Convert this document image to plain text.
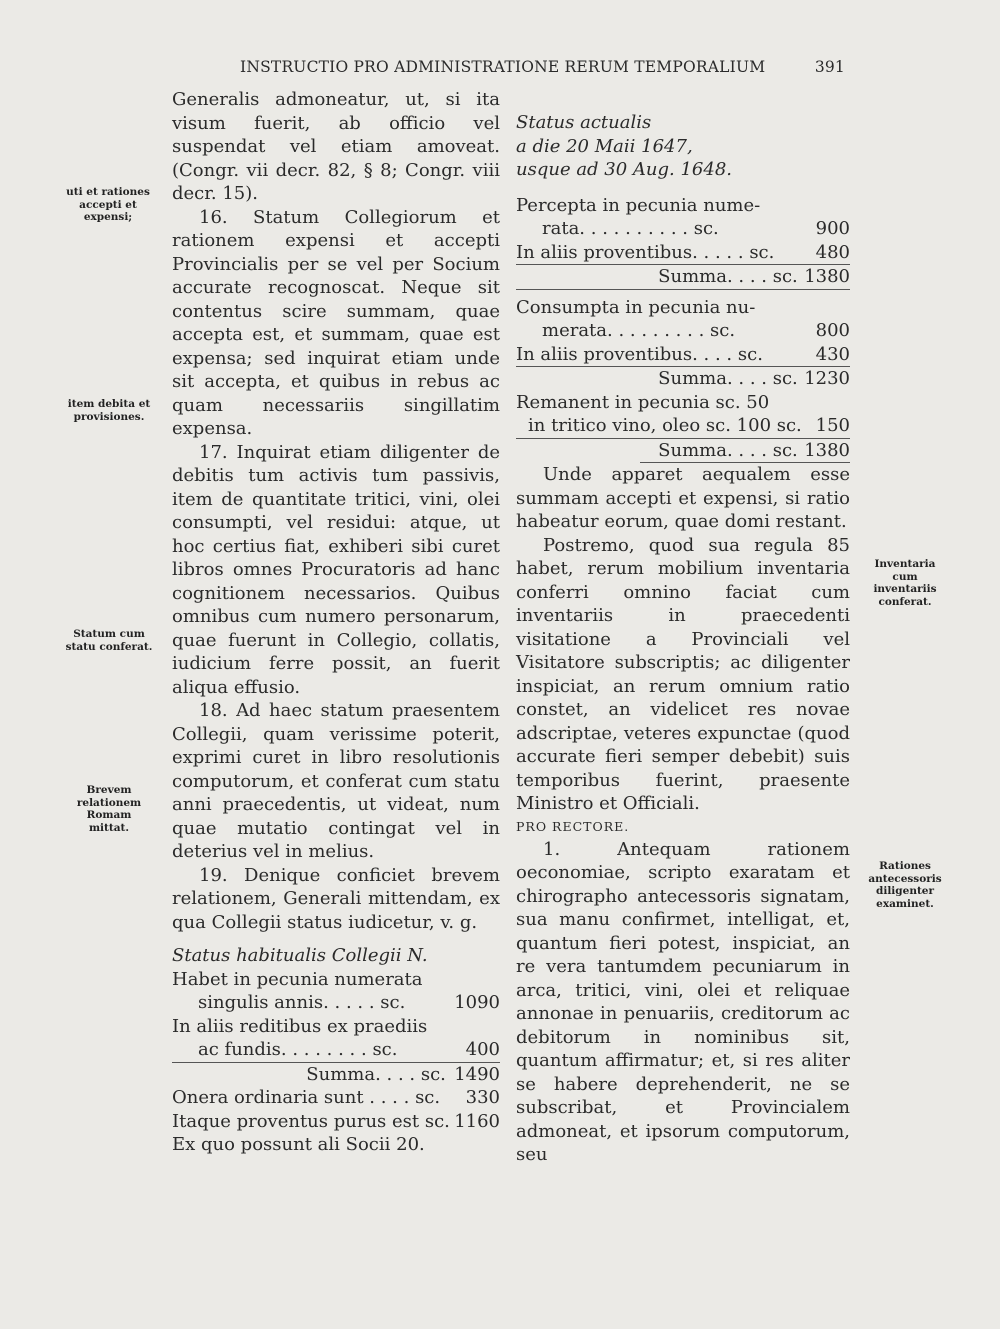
INSTRUCTIO PRO ADMINISTRATIONE RERUM TEMPORALIUM	391
uti et rationes accepti et expensi;
item debita et provisiones.
Statum cum statu conferat.
Brevem relationem Romam mittat.
Inventaria cum inventariis conferat.
Rationes antecessoris diligenter examinet.

Generalis admoneatur, ut, si ita visum fuerit, ab officio vel suspendat vel etiam amoveat. (Congr. vii decr. 82, § 8; Congr. viii decr. 15).

16. Statum Collegiorum et rationem expensi et accepti Provincialis per se vel per Socium accurate recognoscat. Neque sit contentus scire summam, quae accepta est, et summam, quae est expensa; sed inquirat etiam unde sit accepta, et quibus in rebus ac quam necessariis singillatim expensa.

17. Inquirat etiam diligenter de debitis tum activis tum passivis, item de quantitate tritici, vini, olei consumpti, vel residui: atque, ut hoc certius fiat, exhiberi sibi curet libros omnes Procuratoris ad hanc cognitionem necessarios. Quibus omnibus cum numero personarum, quae fuerunt in Collegio, collatis, iudicium ferre possit, an fuerit aliqua effusio.

18. Ad haec statum praesentem Collegii, quam verissime poterit, exprimi curet in libro resolutionis computorum, et conferat cum statu anni praecedentis, ut videat, num quae mutatio contingat vel in deterius vel in melius.

19. Denique conficiet brevem relationem, Generali mittendam, ex qua Collegii status iudicetur, v. g.

Status habitualis Collegii N.

Habet in pecunia numerata	
singulis annis. . . . . sc.	1090
In aliis reditibus ex praediis	
ac fundis. . . . . . . . sc.	400
Summa. . . . sc.	1490
Onera ordinaria sunt . . . . sc.	330
Itaque proventus purus est sc.	1160
Ex quo possunt ali Socii 20.	

Status actualis

a die 20 Maii 1647,

usque ad 30 Aug. 1648.

Percepta in pecunia nume-	
rata. . . . . . . . . . sc.	900
In aliis proventibus. . . . . sc.	480
Summa. . . . sc.	1380
Consumpta in pecunia nu-	
merata. . . . . . . . . sc.	800
In aliis proventibus. . . . sc.	430
Summa. . . . sc.	1230
Remanent in pecunia sc. 50	
in tritico vino, oleo sc. 100 sc.	150
Summa. . . . sc.	1380

Unde apparet aequalem esse summam accepti et expensi, si ratio habeatur eorum, quae domi restant.

Postremo, quod sua regula 85 habet, rerum mobilium inventaria conferri omnino faciat cum inventariis in praecedenti visitatione a Provinciali vel Visitatore subscriptis; ac diligenter inspiciat, an rerum omnium ratio constet, an videlicet res novae adscriptae, veteres expunctae (quod accurate fieri semper debebit) suis temporibus fuerint, praesente Ministro et Officiali.

PRO RECTORE.

1. Antequam rationem oeconomiae, scripto exaratam et chirographo antecessoris signatam, sua manu confirmet, intelligat, et, quantum fieri potest, inspiciat, an re vera tantumdem pecuniarum in arca, tritici, vini, olei et reliquae annonae in penuariis, creditorum ac debitorum in nominibus sit, quantum affirmatur; et, si res aliter se habere deprehenderit, ne se subscribat, et Provincialem admoneat, et ipsorum computorum, seu
